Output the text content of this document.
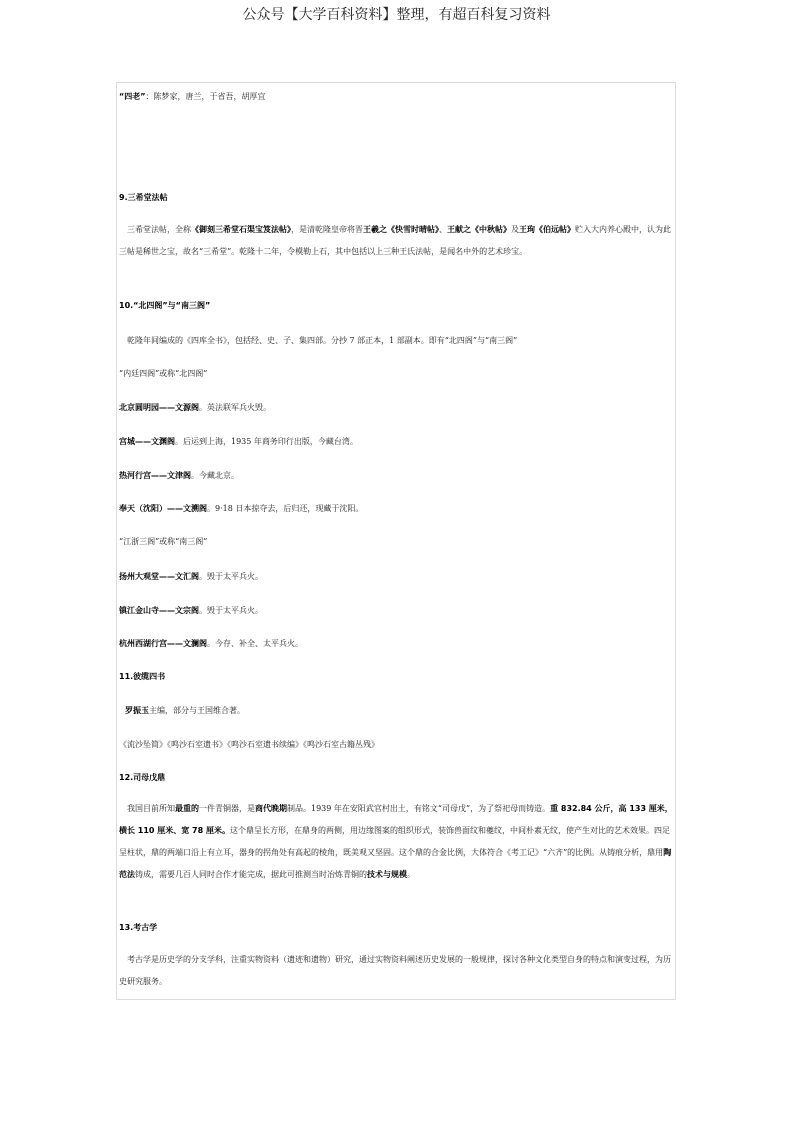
公众号【大学百科资料】整理，有超百科复习资料
“四老”：陈梦家，唐兰，于省吾，胡厚宜
9.三希堂法帖
三希堂法帖，全称《御刻三希堂石渠宝笈法帖》，是清乾隆皇帝将晋王羲之《快雪时晴帖》、王献之《中秋帖》及王珣《伯远帖》贮入大内养心殿中，认为此三帖是稀世之宝，故名“三希堂”。乾隆十二年，令模勒上石，其中包括以上三种王氏法帖，是闻名中外的艺术珍宝。
10.“北四阁”与“南三阁”
乾隆年间编成的《四库全书》，包括经、史、子、集四部。分抄 7 部正本，1 部副本。即有“北四阁”与“南三阁”
“内廷四阁”或称“北四阁”
北京圆明园——文源阁。英法联军兵火毁。
宫城——文渊阁。后运到上海，1935 年商务印行出版，今藏台湾。
热河行宫——文津阁。今藏北京。
奉天（沈阳）——文溯阁。9·18 日本掠夺去，后归还，现藏于沈阳。
“江浙三阁”或称“南三阁”
扬州大观堂——文汇阁。毁于太平兵火。
镇江金山寺——文宗阁。毁于太平兵火。
杭州西湖行宫——文澜阁。今存、补全、太平兵火。
11.彼缆四书
罗振玉主编，部分与王国维合著。
《流沙坠简》《鸣沙石室遗书》《鸣沙石室遗书续编》《鸣沙石室古籍丛残》
12.司母戊鼎
我国目前所知最重的一件青铜器，是商代晚期制品。1939 年在安阳武官村出土，有铭文“司母戊”，为了祭祀母而铸造。重 832.84 公斤，高 133 厘米，横长 110 厘米、宽 78 厘米。这个鼎呈长方形，在鼎身的两侧，用边缘图案的组织形式，装饰兽面纹和夔纹，中间朴素无纹，使产生对比的艺术效果。四足呈柱状，鼎的两端口沿上有立耳，器身的拐角处有高起的棱角，既美观又坚固。这个鼎的合金比例，大体符合《考工记》“六齐”的比例。从铸痕分析，鼎用陶范法铸成，需要几百人同时合作才能完成，据此可推测当时冶炼青铜的技术与规模。
13.考古学
考古学是历史学的分支学科，注重实物资料（遗迹和遗物）研究，通过实物资料阐述历史发展的一般规律，探讨各种文化类型自身的特点和演变过程，为历史研究服务。
